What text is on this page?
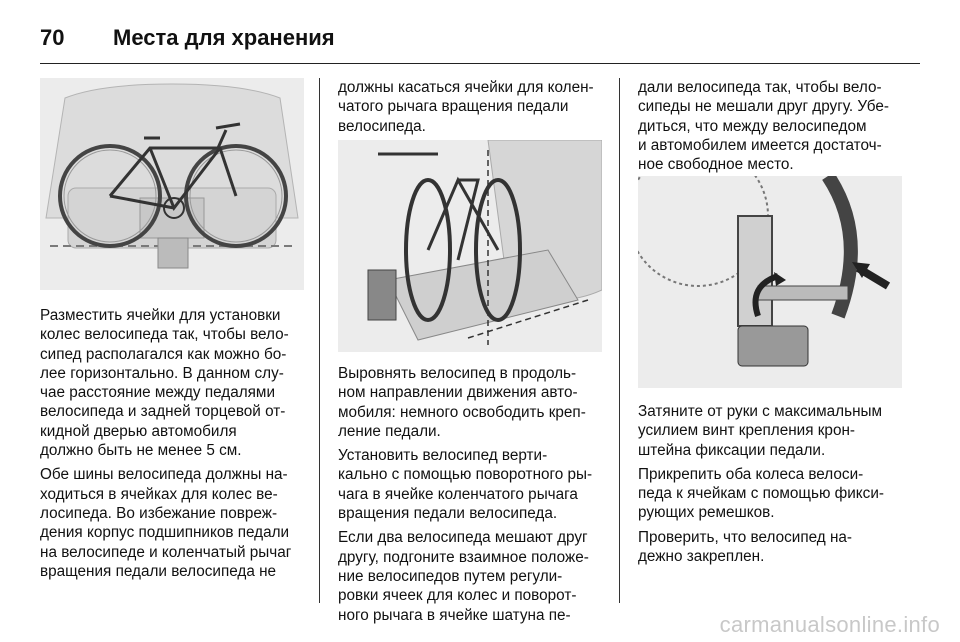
70	Места для хранения

Разместить ячейки для установки
колес велосипеда так, чтобы вело-
сипед располагался как можно бо-
лее горизонтально. В данном слу-
чае расстояние между педалями
велосипеда и задней торцевой от-
кидной дверью автомобиля
должно быть не менее 5 см.

Обе шины велосипеда должны на-
ходиться в ячейках для колес ве-
лосипеда. Во избежание повреж-
дения корпус подшипников педали
на велосипеде и коленчатый рычаг
вращения педали велосипеда не

должны касаться ячейки для колен-
чатого рычага вращения педали
велосипеда.

Выровнять велосипед в продоль-
ном направлении движения авто-
мобиля: немного освободить креп-
ление педали.

Установить велосипед верти-
кально с помощью поворотного ры-
чага в ячейке коленчатого рычага
вращения педали велосипеда.

Если два велосипеда мешают друг
другу, подгоните взаимное положе-
ние велосипедов путем регули-
ровки ячеек для колес и поворот-
ного рычага в ячейке шатуна пе-

дали велосипеда так, чтобы вело-
сипеды не мешали друг другу. Убе-
диться, что между велосипедом
и автомобилем имеется достаточ-
ное свободное место.

Затяните от руки с максимальным
усилием винт крепления крон-
штейна фиксации педали.

Прикрепить оба колеса велоси-
педа к ячейкам с помощью фикси-
рующих ремешков.

Проверить, что велосипед на-
дежно закреплен.

carmanualsonline.info
